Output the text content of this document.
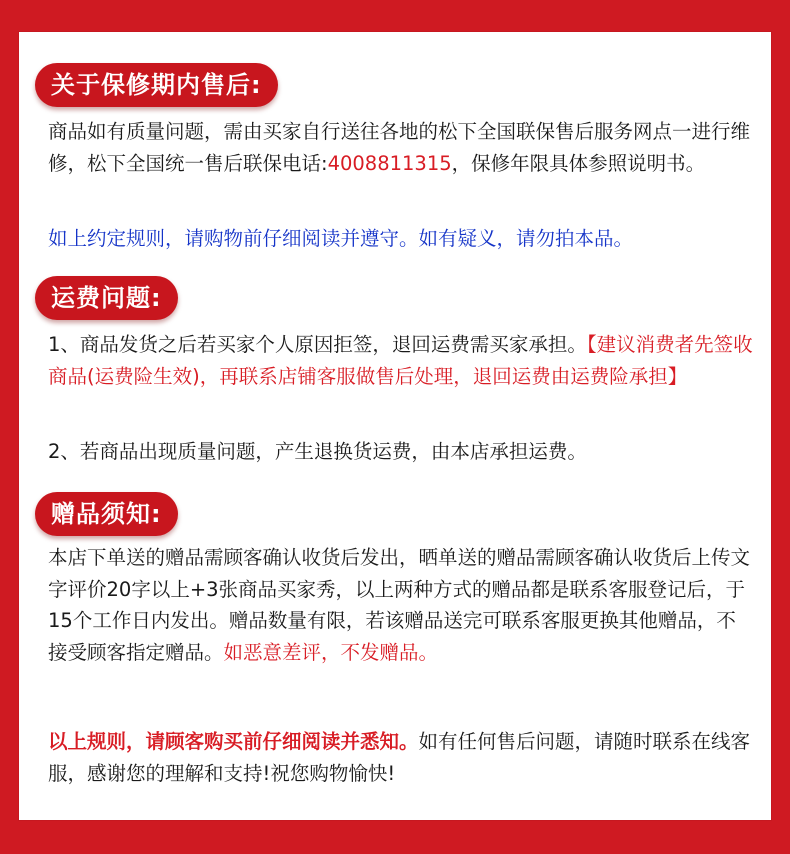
关于保修期内售后:

商品如有质量问题，需由买家自行送往各地的松下全国联保售后服务网点一进行维修，松下全国统一售后联保电话:4008811315，保修年限具体参照说明书。

如上约定规则，请购物前仔细阅读并遵守。如有疑义，请勿拍本品。

运费问题:

1、商品发货之后若买家个人原因拒签，退回运费需买家承担。【建议消费者先签收商品(运费险生效)，再联系店铺客服做售后处理，退回运费由运费险承担】

2、若商品出现质量问题，产生退换货运费，由本店承担运费。

赠品须知:

本店下单送的赠品需顾客确认收货后发出，晒单送的赠品需顾客确认收货后上传文字评价20字以上+3张商品买家秀，以上两种方式的赠品都是联系客服登记后，于15个工作日内发出。赠品数量有限，若该赠品送完可联系客服更换其他赠品，不接受顾客指定赠品。如恶意差评，不发赠品。

以上规则，请顾客购买前仔细阅读并悉知。如有任何售后问题，请随时联系在线客服，感谢您的理解和支持!祝您购物愉快!
